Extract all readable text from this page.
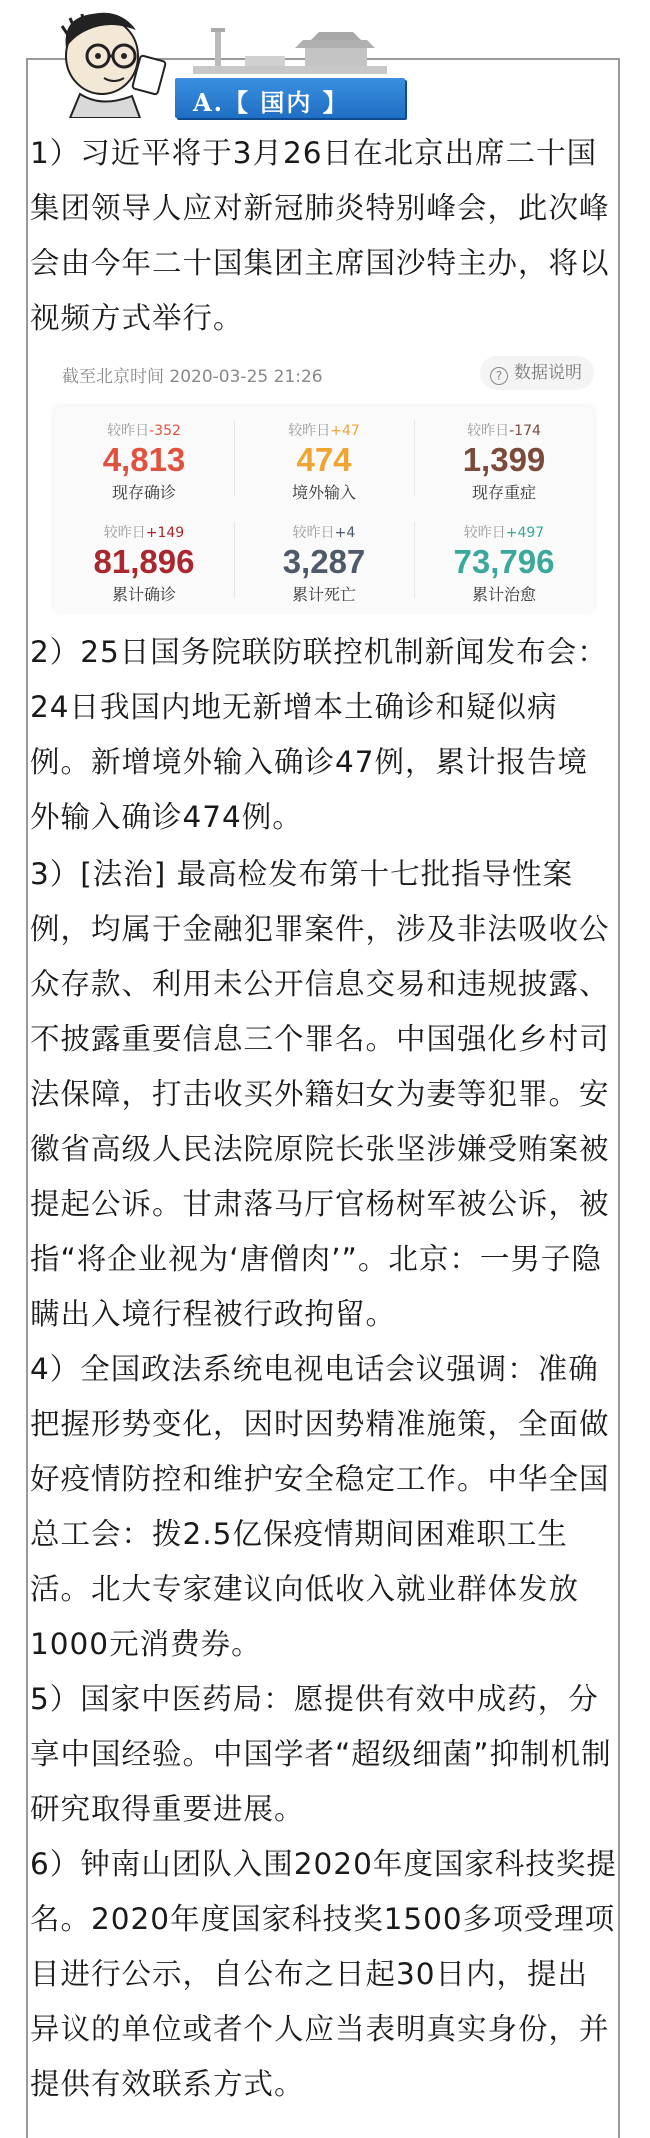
A.【 国内 】

1）习近平将于3月26日在北京出席二十国集团领导人应对新冠肺炎特别峰会，此次峰会由今年二十国集团主席国沙特主办，将以视频方式举行。

截至北京时间 2020-03-25 21:26	? 数据说明
较昨日-352
4,813
现存确诊
较昨日+47
474
境外输入
较昨日-174
1,399
现存重症
较昨日+149
81,896
累计确诊
较昨日+4
3,287
累计死亡
较昨日+497
73,796
累计治愈

2）25日国务院联防联控机制新闻发布会：24日我国内地无新增本土确诊和疑似病例。新增境外输入确诊47例，累计报告境外输入确诊474例。

3）[法治] 最高检发布第十七批指导性案例，均属于金融犯罪案件，涉及非法吸收公众存款、利用未公开信息交易和违规披露、不披露重要信息三个罪名。中国强化乡村司法保障，打击收买外籍妇女为妻等犯罪。安徽省高级人民法院原院长张坚涉嫌受贿案被提起公诉。甘肃落马厅官杨树军被公诉，被指“将企业视为‘唐僧肉’”。北京：一男子隐瞒出入境行程被行政拘留。

4）全国政法系统电视电话会议强调：准确把握形势变化，因时因势精准施策，全面做好疫情防控和维护安全稳定工作。中华全国总工会：拨2.5亿保疫情期间困难职工生活。北大专家建议向低收入就业群体发放1000元消费券。

5）国家中医药局：愿提供有效中成药，分享中国经验。中国学者“超级细菌”抑制机制研究取得重要进展。

6）钟南山团队入围2020年度国家科技奖提名。2020年度国家科技奖1500多项受理项目进行公示，自公布之日起30日内，提出异议的单位或者个人应当表明真实身份，并提供有效联系方式。
